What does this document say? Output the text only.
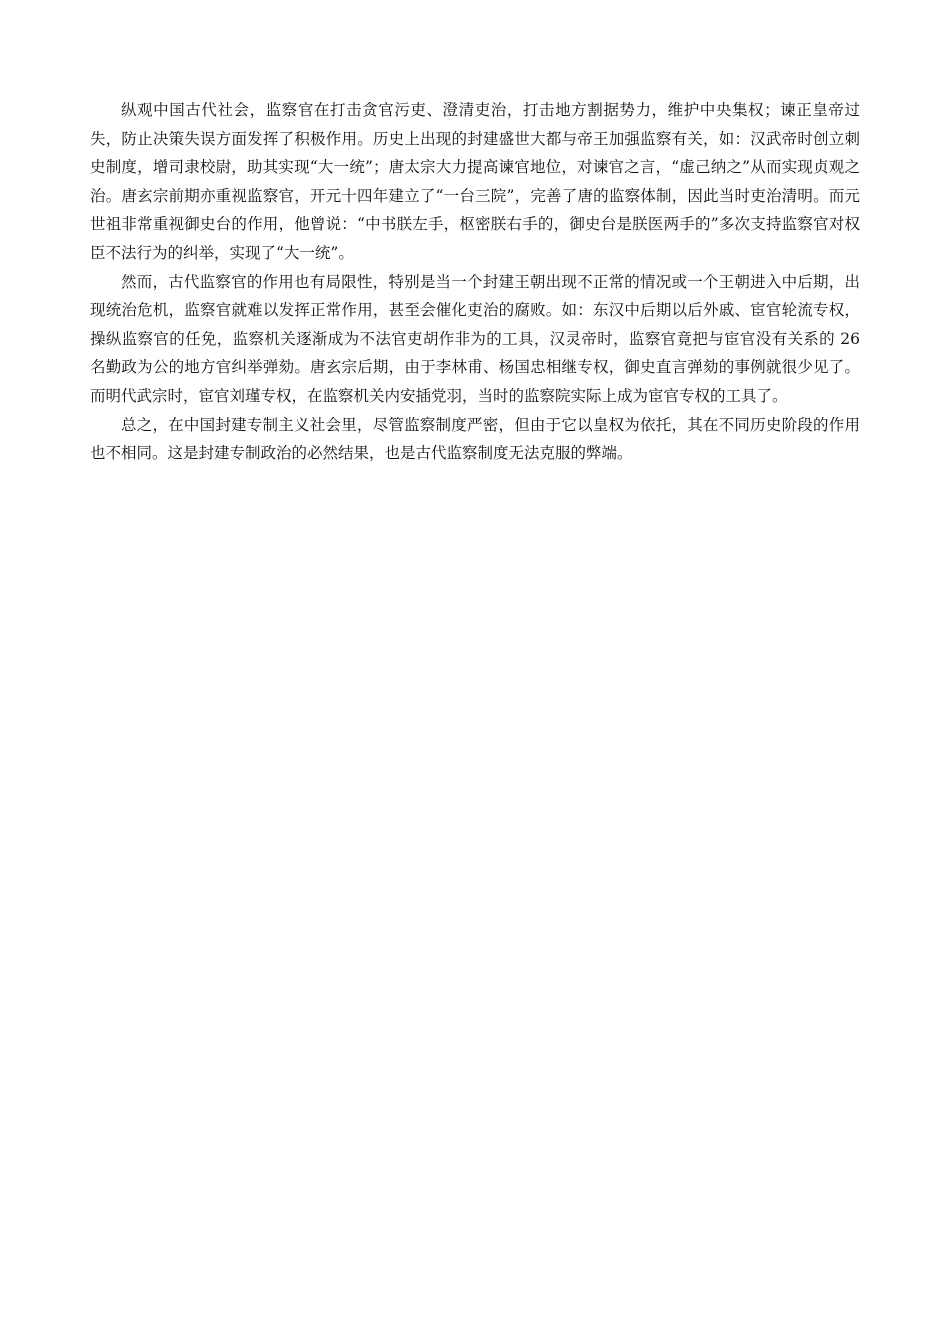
纵观中国古代社会，监察官在打击贪官污吏、澄清吏治，打击地方割据势力，维护中央集权；谏正皇帝过失，防止决策失误方面发挥了积极作用。历史上出现的封建盛世大都与帝王加强监察有关，如：汉武帝时创立刺史制度，增司隶校尉，助其实现“大一统”；唐太宗大力提高谏官地位，对谏官之言，“虚己纳之”从而实现贞观之治。唐玄宗前期亦重视监察官，开元十四年建立了“一台三院”，完善了唐的监察体制，因此当时吏治清明。而元世祖非常重视御史台的作用，他曾说：“中书朕左手，枢密朕右手的，御史台是朕医两手的”多次支持监察官对权臣不法行为的纠举，实现了“大一统”。

然而，古代监察官的作用也有局限性，特别是当一个封建王朝出现不正常的情况或一个王朝进入中后期，出现统治危机，监察官就难以发挥正常作用，甚至会催化吏治的腐败。如：东汉中后期以后外戚、宦官轮流专权，操纵监察官的任免，监察机关逐渐成为不法官吏胡作非为的工具，汉灵帝时，监察官竟把与宦官没有关系的 26 名勤政为公的地方官纠举弹劾。唐玄宗后期，由于李林甫、杨国忠相继专权，御史直言弹劾的事例就很少见了。而明代武宗时，宦官刘瑾专权，在监察机关内安插党羽，当时的监察院实际上成为宦官专权的工具了。

总之，在中国封建专制主义社会里，尽管监察制度严密，但由于它以皇权为依托，其在不同历史阶段的作用也不相同。这是封建专制政治的必然结果，也是古代监察制度无法克服的弊端。
